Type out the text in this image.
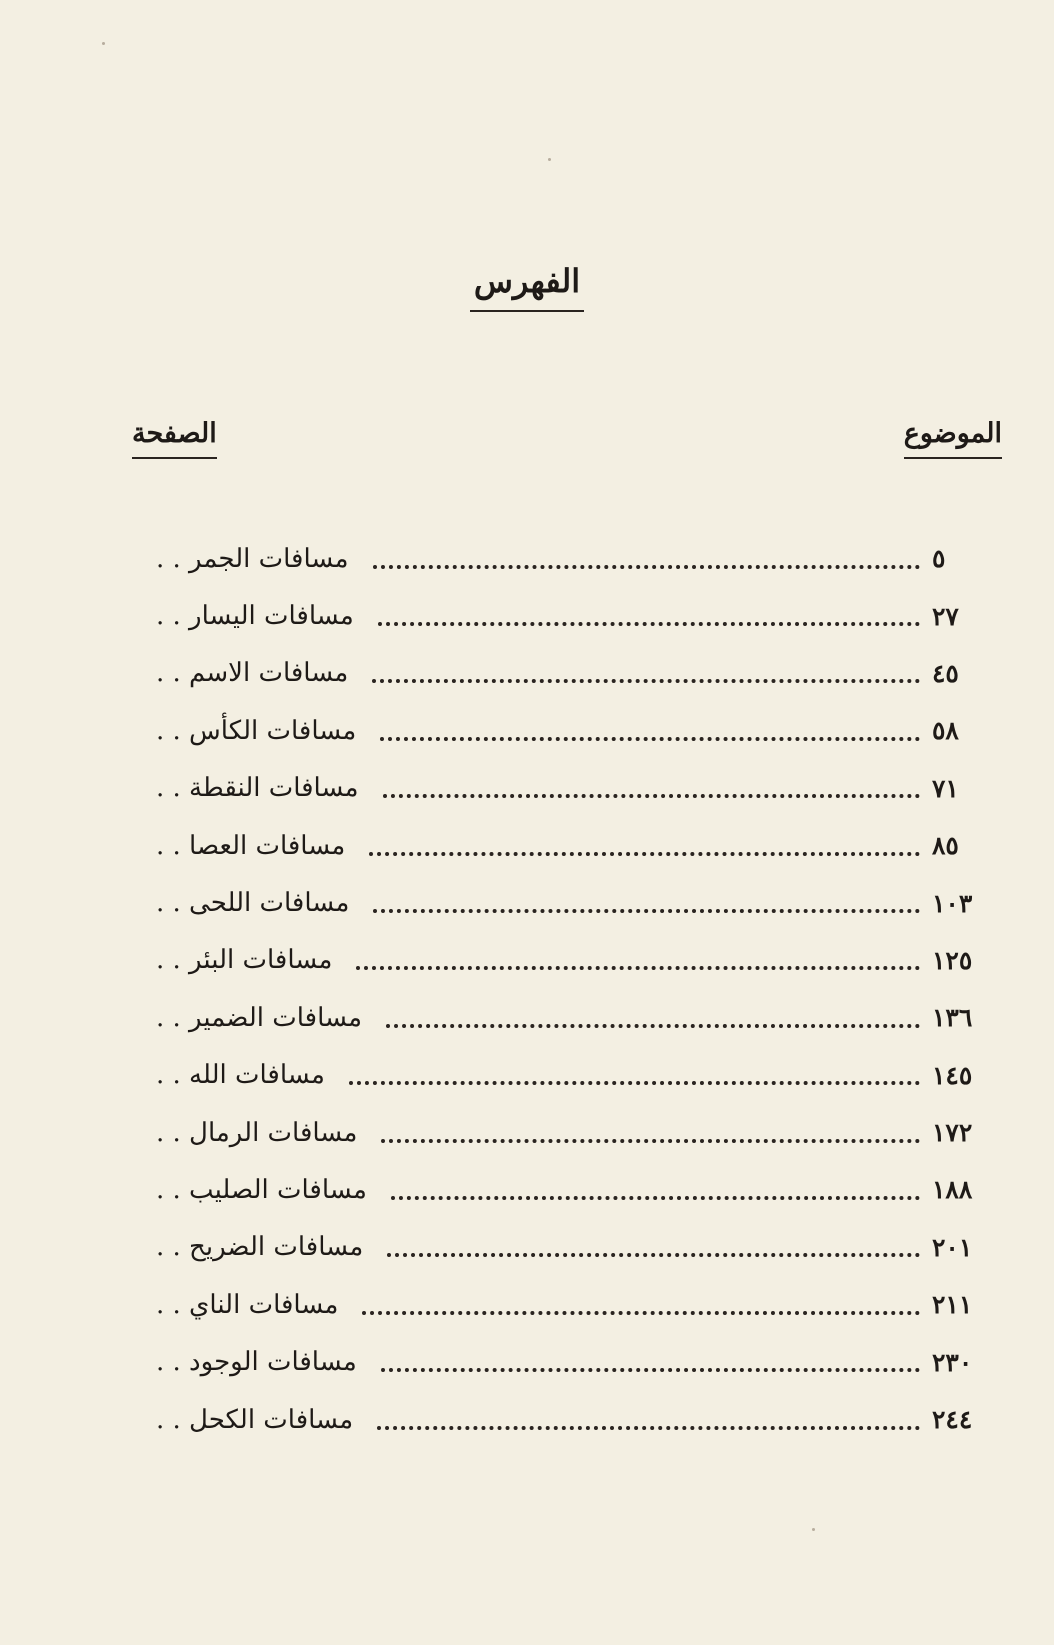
الفهرس
الموضوع
الصفحة
مسافات الجمر . .	٥
مسافات اليسار . .	٢٧
مسافات الاسم . .	٤٥
مسافات الكأس . .	٥٨
مسافات النقطة . .	٧١
مسافات العصا . .	٨٥
مسافات اللحى . .	١٠٣
مسافات البئر . .	١٢٥
مسافات الضمير . .	١٣٦
مسافات الله . .	١٤٥
مسافات الرمال . .	١٧٢
مسافات الصليب . .	١٨٨
مسافات الضريح . .	٢٠١
مسافات الناي . .	٢١١
مسافات الوجود . .	٢٣٠
مسافات الكحل . .	٢٤٤
